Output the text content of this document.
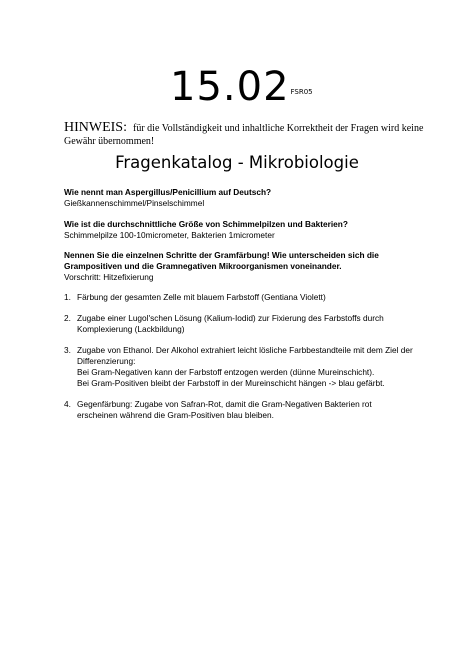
15.02FSR05
HINWEIS: für die Vollständigkeit und inhaltliche Korrektheit der Fragen wird keine Gewähr übernommen!
Fragenkatalog - Mikrobiologie
Wie nennt man Aspergillus/Penicillium auf Deutsch?
Gießkannenschimmel/Pinselschimmel
Wie ist die durchschnittliche Größe von Schimmelpilzen und Bakterien?
Schimmelpilze 100-10micrometer, Bakterien 1micrometer
Nennen Sie die einzelnen Schritte der Gramfärbung! Wie unterscheiden sich die Grampositiven und die Gramnegativen Mikroorganismen voneinander.
Vorschritt: Hitzefixierung
1. Färbung der gesamten Zelle mit blauem Farbstoff (Gentiana Violett)
2. Zugabe einer Lugol'schen Lösung (Kalium-Iodid) zur Fixierung des Farbstoffs durch Komplexierung (Lackbildung)
3. Zugabe von Ethanol. Der Alkohol extrahiert leicht lösliche Farbbestandteile mit dem Ziel der Differenzierung:
Bei Gram-Negativen kann der Farbstoff entzogen werden (dünne Mureinschicht).
Bei Gram-Positiven bleibt der Farbstoff in der Mureinschicht hängen -> blau gefärbt.
4. Gegenfärbung: Zugabe von Safran-Rot, damit die Gram-Negativen Bakterien rot erscheinen während die Gram-Positiven blau bleiben.
